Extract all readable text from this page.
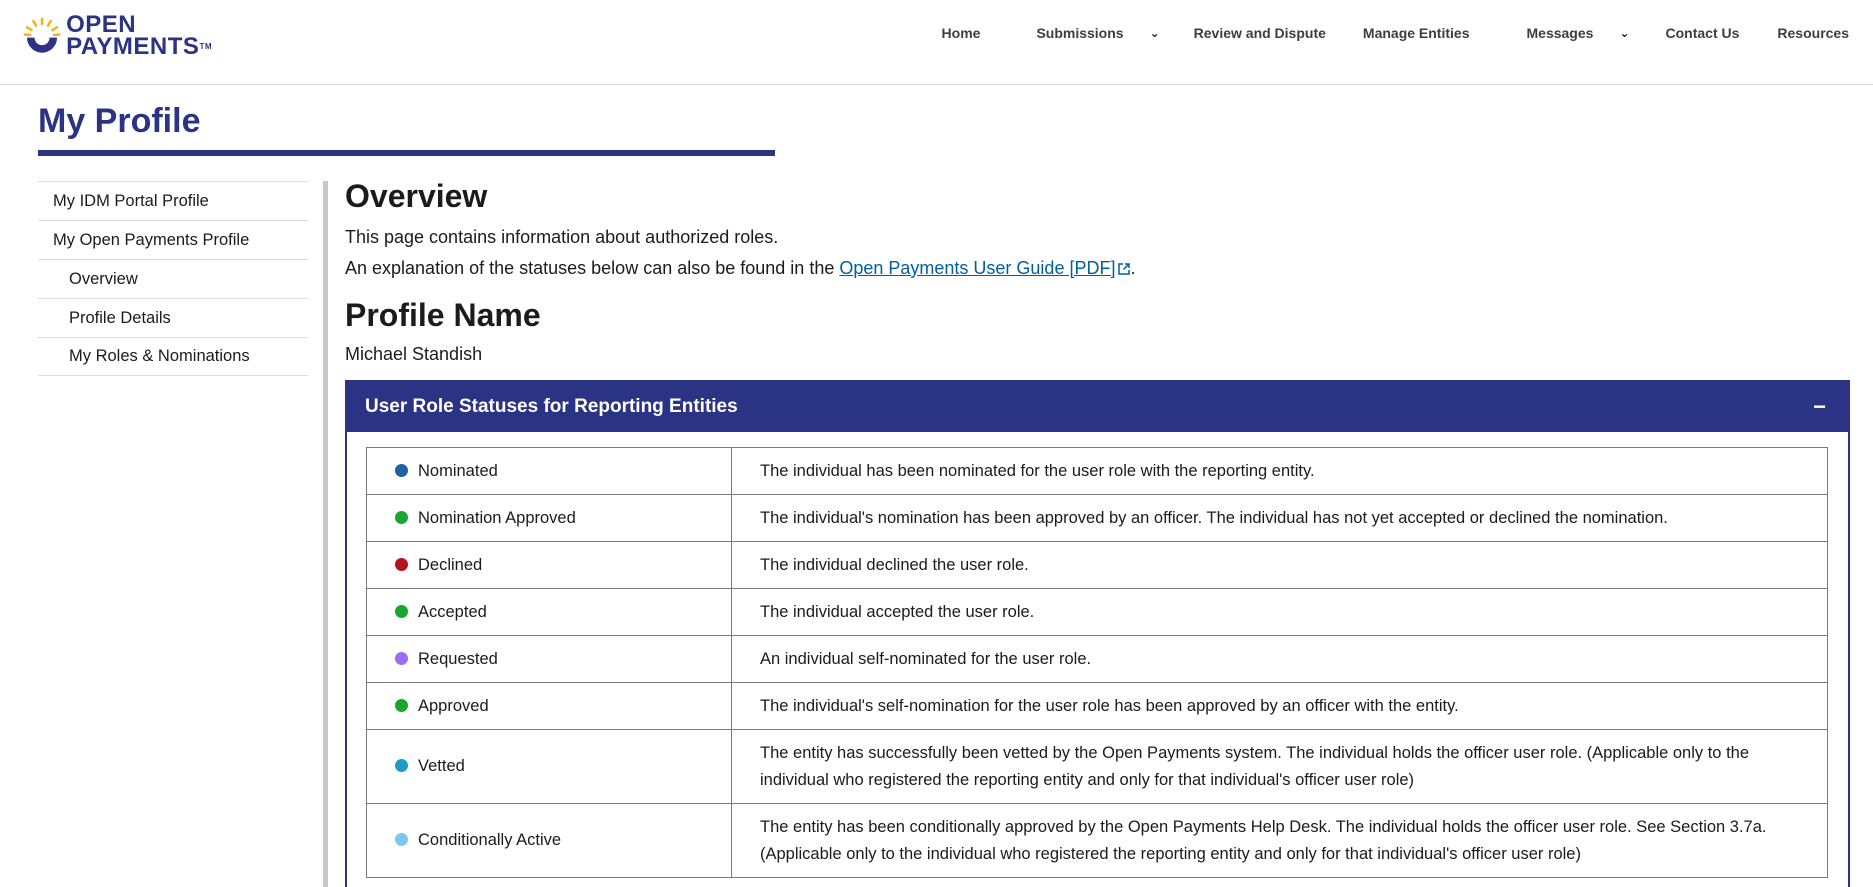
OPEN
PAYMENTS™
Home	Submissions ⌄ Review and Dispute	Manage Entities	Messages ⌄	Contact Us	Resources
My Profile
My IDM Portal Profile
My Open Payments Profile
Overview
Profile Details
My Roles & Nominations
Overview

This page contains information about authorized roles.

An explanation of the statuses below can also be found in the Open Payments User Guide [PDF] .

Profile Name

Michael Standish

User Role Statuses for Reporting Entities	−
Nominated	The individual has been nominated for the user role with the reporting entity.
Nomination Approved	The individual's nomination has been approved by an officer. The individual has not yet accepted or declined the nomination.
Declined	The individual declined the user role.
Accepted	The individual accepted the user role.
Requested	An individual self-nominated for the user role.
Approved	The individual's self-nomination for the user role has been approved by an officer with the entity.
Vetted	The entity has successfully been vetted by the Open Payments system. The individual holds the officer user role. (Applicable only to the individual who registered the reporting entity and only for that individual's officer user role)
Conditionally Active	The entity has been conditionally approved by the Open Payments Help Desk. The individual holds the officer user role. See Section 3.7a. (Applicable only to the individual who registered the reporting entity and only for that individual's officer user role)
